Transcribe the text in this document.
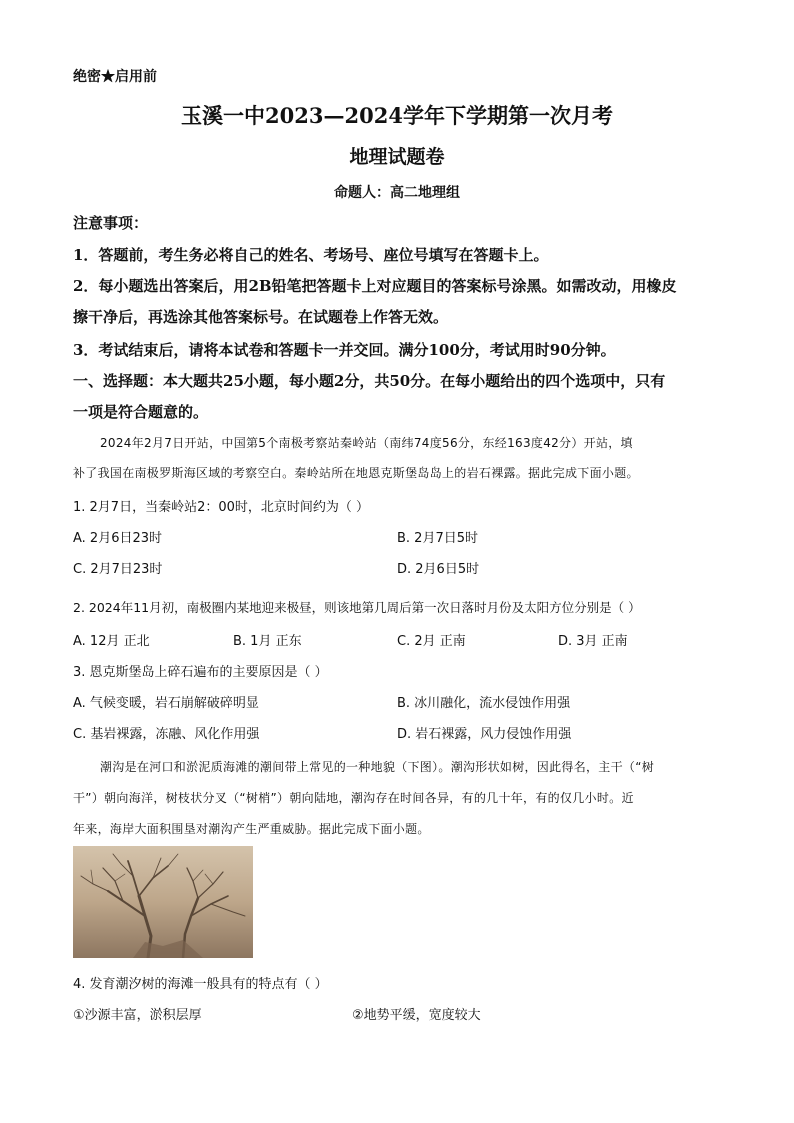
绝密★启用前
玉溪一中2023—2024学年下学期第一次月考
地理试题卷
命题人：高二地理组
注意事项：
1．答题前，考生务必将自己的姓名、考场号、座位号填写在答题卡上。
2．每小题选出答案后，用2B铅笔把答题卡上对应题目的答案标号涂黑。如需改动，用橡皮
擦干净后，再选涂其他答案标号。在试题卷上作答无效。
3．考试结束后，请将本试卷和答题卡一并交回。满分100分，考试用时90分钟。
一、选择题：本大题共25小题，每小题2分，共50分。在每小题给出的四个选项中，只有
一项是符合题意的。
2024年2月7日开站，中国第5个南极考察站秦岭站（南纬74度56分，东经163度42分）开站，填
补了我国在南极罗斯海区域的考察空白。秦岭站所在地恩克斯堡岛岛上的岩石裸露。据此完成下面小题。
1. 2月7日，当秦岭站2：00时，北京时间约为（ ）
A. 2月6日23时	B. 2月7日5时
C. 2月7日23时	D. 2月6日5时
2. 2024年11月初，南极圈内某地迎来极昼，则该地第几周后第一次日落时月份及太阳方位分别是（ ）
A. 12月 正北	B. 1月 正东	C. 2月 正南	D. 3月 正南
3. 恩克斯堡岛上碎石遍布的主要原因是（ ）
A. 气候变暖，岩石崩解破碎明显	B. 冰川融化，流水侵蚀作用强
C. 基岩裸露，冻融、风化作用强	D. 岩石裸露，风力侵蚀作用强
潮沟是在河口和淤泥质海滩的潮间带上常见的一种地貌（下图）。潮沟形状如树，因此得名，主干（“树
干”）朝向海洋，树枝状分叉（“树梢”）朝向陆地，潮沟存在时间各异，有的几十年，有的仅几小时。近
年来，海岸大面积围垦对潮沟产生严重威胁。据此完成下面小题。
4. 发育潮汐树的海滩一般具有的特点有（ ）
①沙源丰富，淤积层厚	②地势平缓，宽度较大
